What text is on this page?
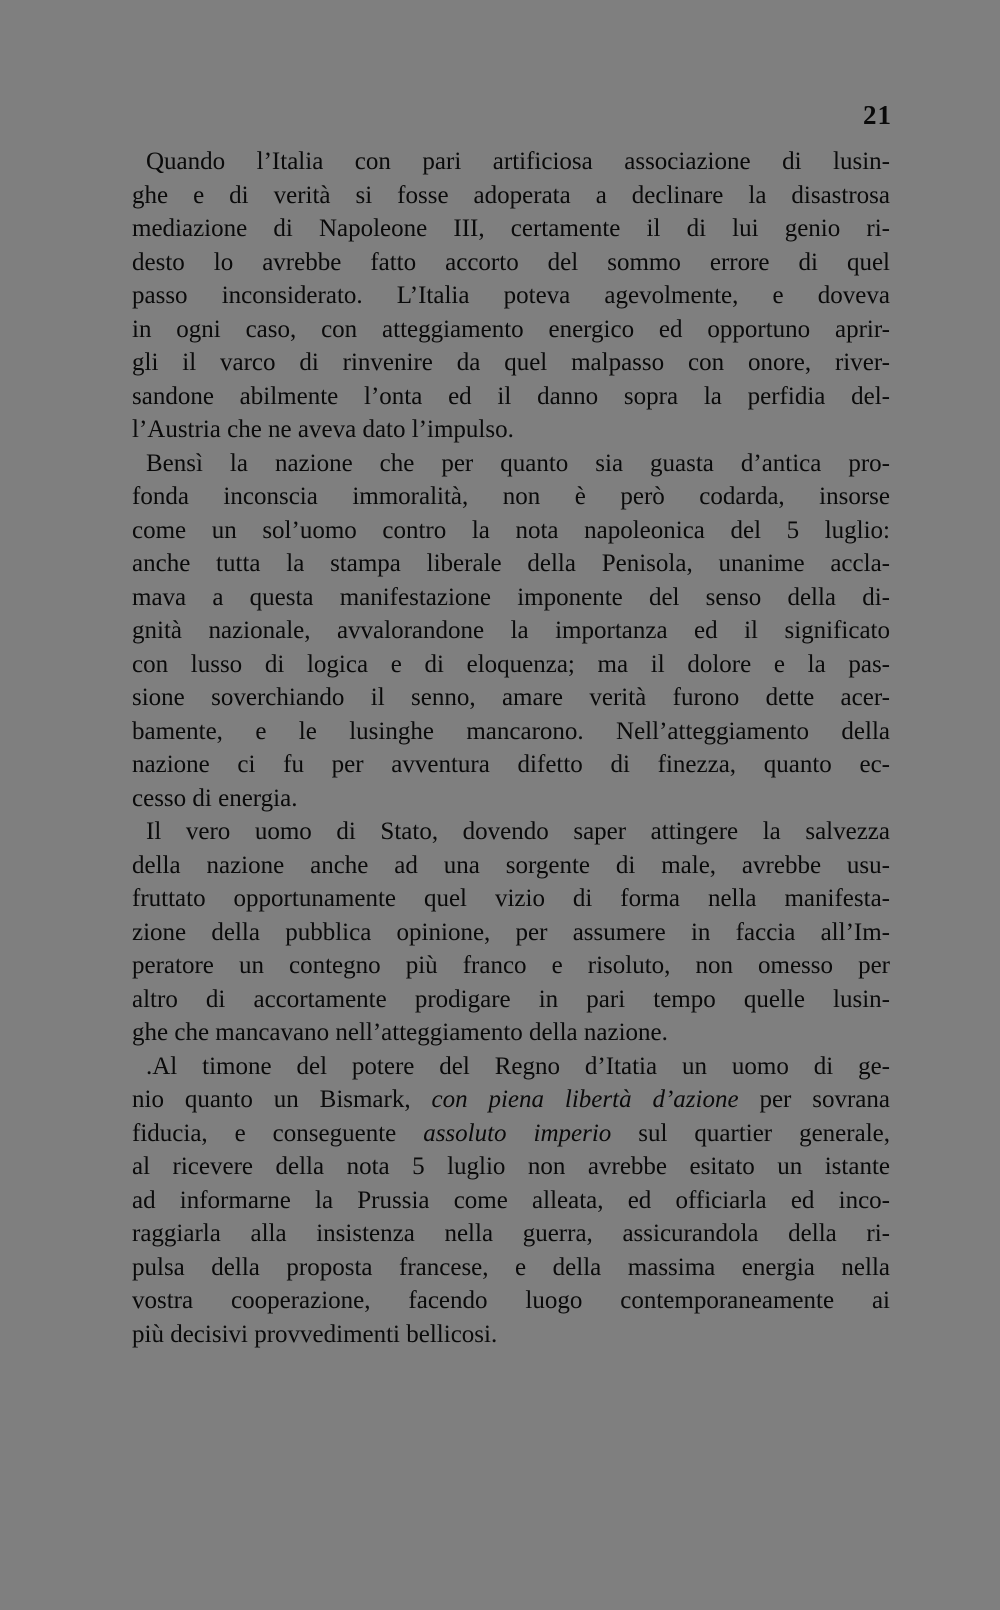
21
Quando l’Italia con pari artificiosa associazione di lusin-
ghe e di verità si fosse adoperata a declinare la disastrosa
mediazione di Napoleone III, certamente il di lui genio ri-
desto lo avrebbe fatto accorto del sommo errore di quel
passo inconsiderato. L’Italia poteva agevolmente, e doveva
in ogni caso, con atteggiamento energico ed opportuno aprir-
gli il varco di rinvenire da quel malpasso con onore, river-
sandone abilmente l’onta ed il danno sopra la perfidia del-
l’Austria che ne aveva dato l’impulso.
Bensì la nazione che per quanto sia guasta d’antica pro-
fonda inconscia immoralità, non è però codarda, insorse
come un sol’uomo contro la nota napoleonica del 5 luglio:
anche tutta la stampa liberale della Penisola, unanime accla-
mava a questa manifestazione imponente del senso della di-
gnità nazionale, avvalorandone la importanza ed il significato
con lusso di logica e di eloquenza; ma il dolore e la pas-
sione soverchiando il senno, amare verità furono dette acer-
bamente, e le lusinghe mancarono. Nell’atteggiamento della
nazione ci fu per avventura difetto di finezza, quanto ec-
cesso di energia.
Il vero uomo di Stato, dovendo saper attingere la salvezza
della nazione anche ad una sorgente di male, avrebbe usu-
fruttato opportunamente quel vizio di forma nella manifesta-
zione della pubblica opinione, per assumere in faccia all’Im-
peratore un contegno più franco e risoluto, non omesso per
altro di accortamente prodigare in pari tempo quelle lusin-
ghe che mancavano nell’atteggiamento della nazione.
.Al timone del potere del Regno d’Itatia un uomo di ge-
nio quanto un Bismark, con piena libertà d’azione per sovrana
fiducia, e conseguente assoluto imperio sul quartier generale,
al ricevere della nota 5 luglio non avrebbe esitato un istante
ad informarne la Prussia come alleata, ed officiarla ed inco-
raggiarla alla insistenza nella guerra, assicurandola della ri-
pulsa della proposta francese, e della massima energia nella
vostra cooperazione, facendo luogo contemporaneamente ai
più decisivi provvedimenti bellicosi.
